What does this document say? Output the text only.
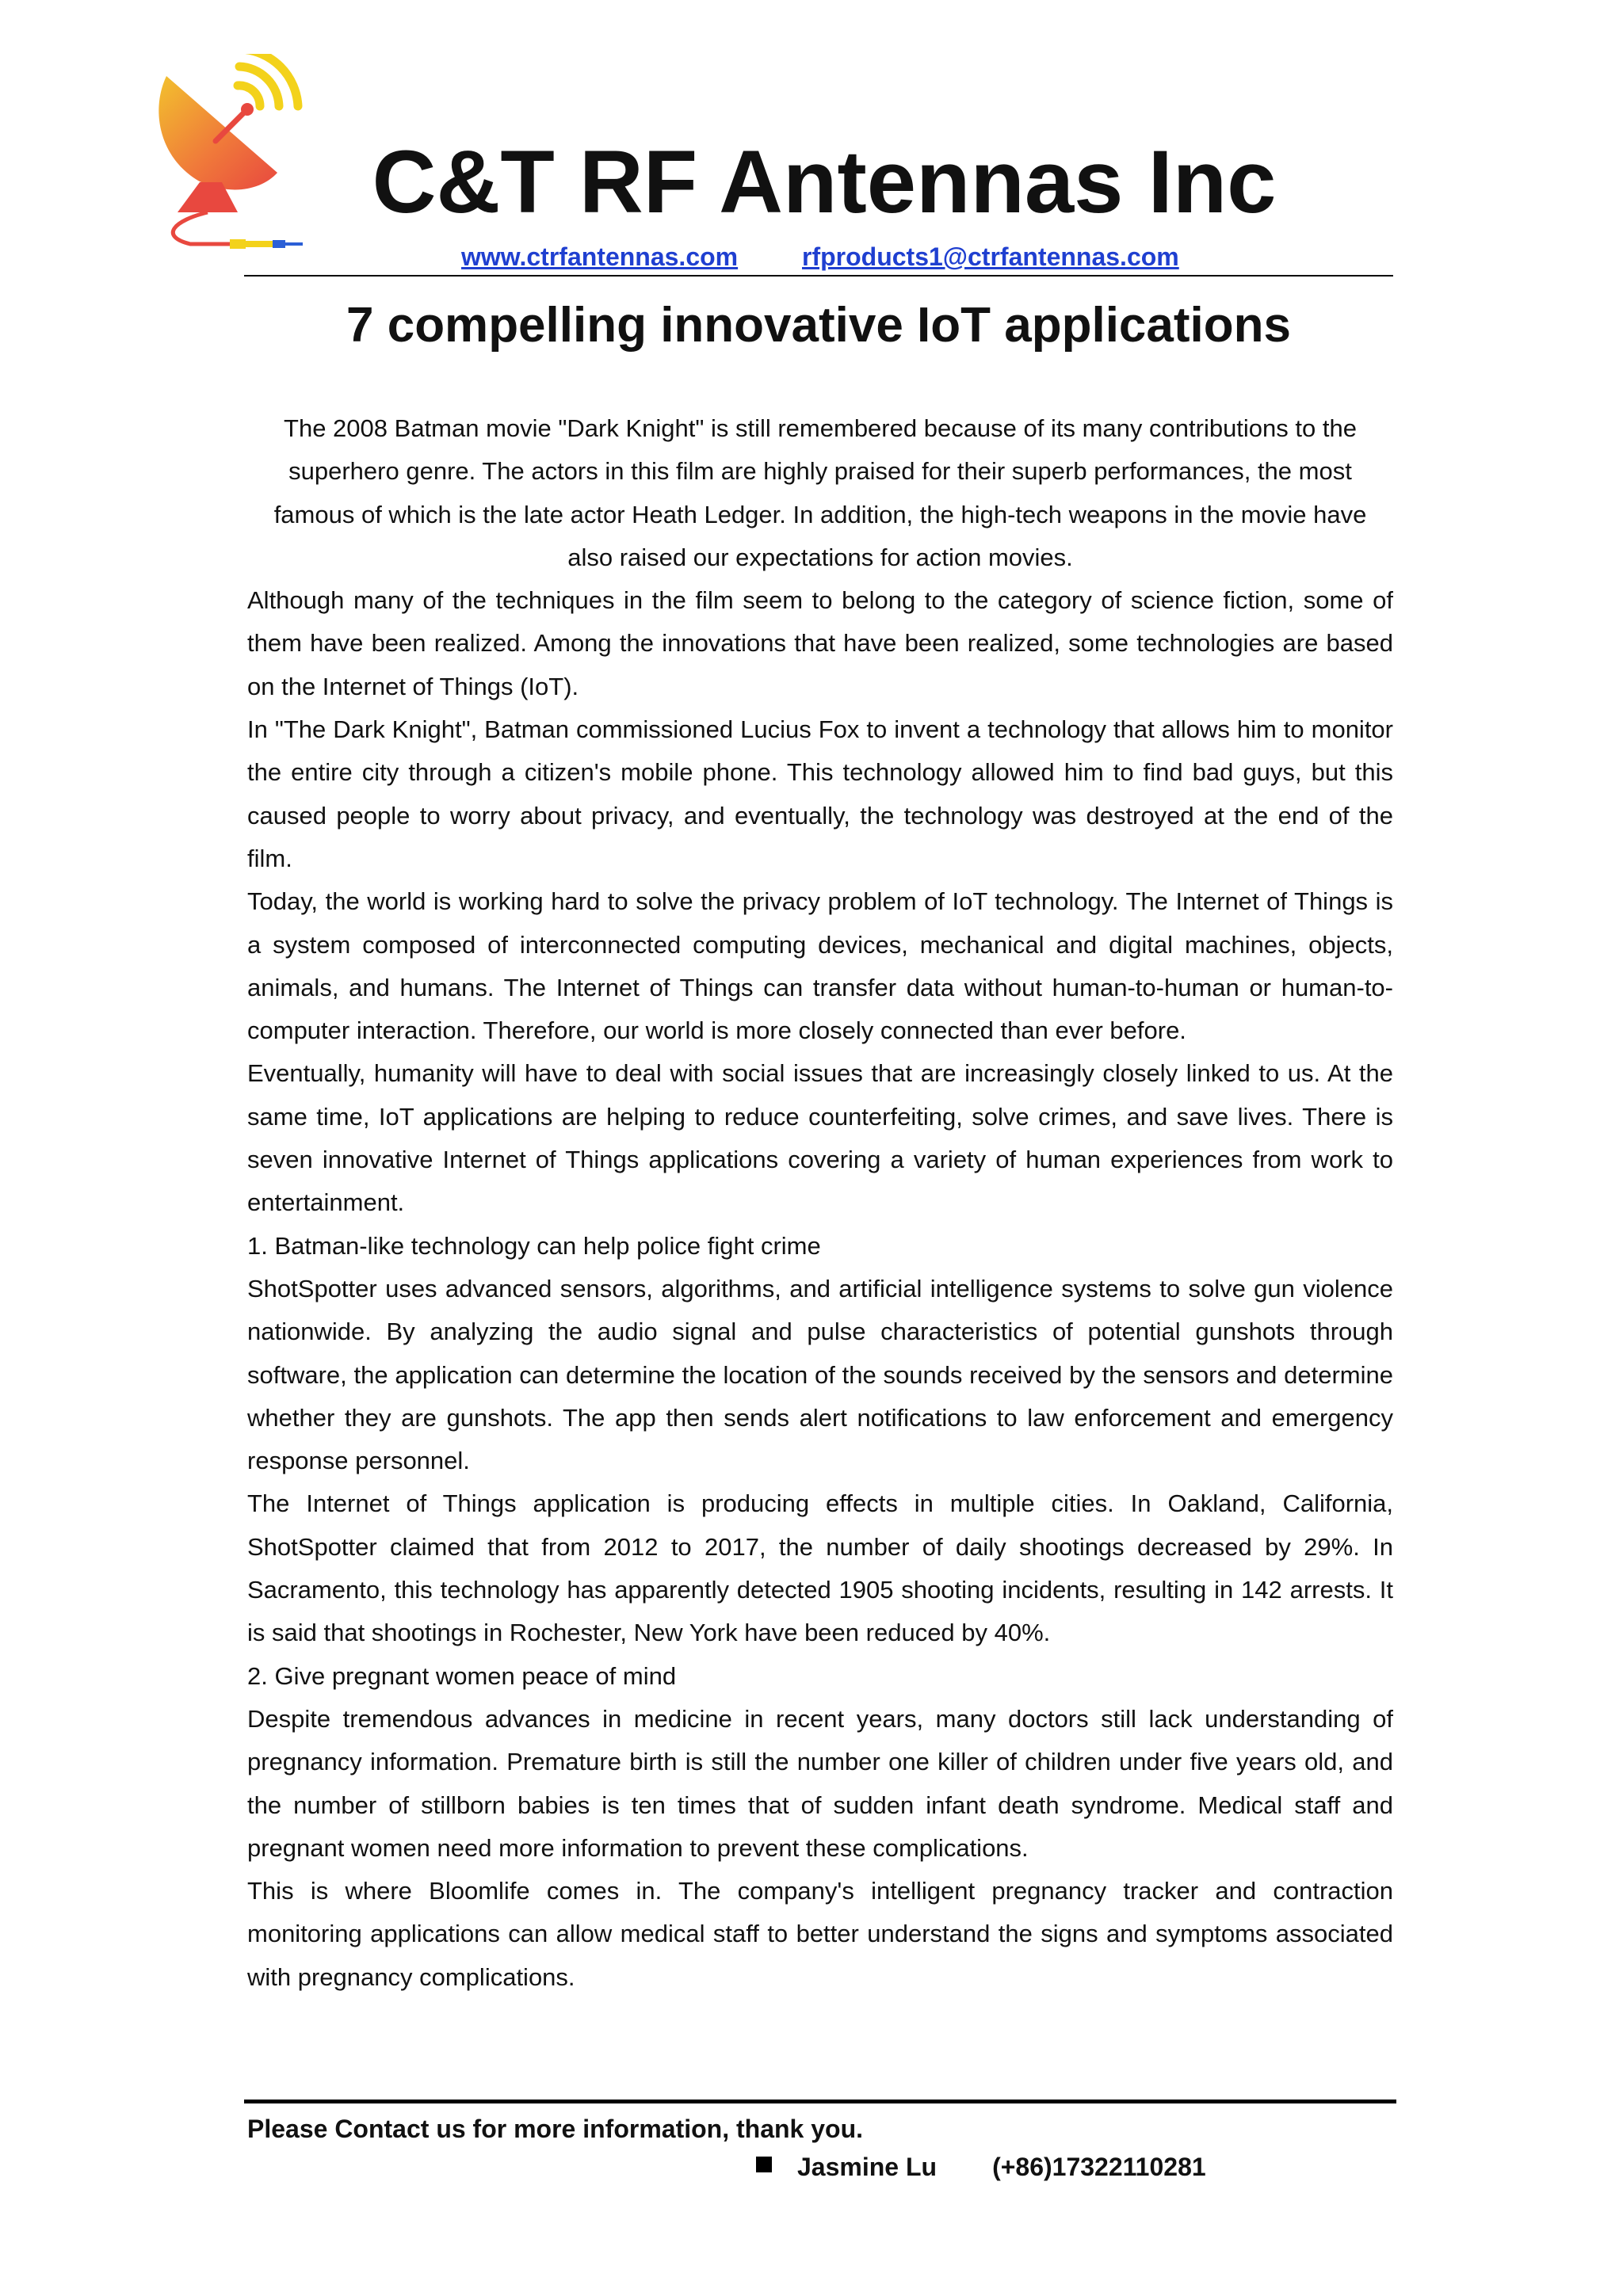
C&T RF Antennas Inc
www.ctrfantennas.com	rfproducts1@ctrfantennas.com
7 compelling innovative IoT applications

The 2008 Batman movie "Dark Knight" is still remembered because of its many contributions to the superhero genre. The actors in this film are highly praised for their superb performances, the most famous of which is the late actor Heath Ledger. In addition, the high-tech weapons in the movie have also raised our expectations for action movies.

Although many of the techniques in the film seem to belong to the category of science fiction, some of them have been realized. Among the innovations that have been realized, some technologies are based on the Internet of Things (IoT).

In "The Dark Knight", Batman commissioned Lucius Fox to invent a technology that allows him to monitor the entire city through a citizen's mobile phone. This technology allowed him to find bad guys, but this caused people to worry about privacy, and eventually, the technology was destroyed at the end of the film.

Today, the world is working hard to solve the privacy problem of IoT technology. The Internet of Things is a system composed of interconnected computing devices, mechanical and digital machines, objects, animals, and humans. The Internet of Things can transfer data without human-to-human or human-to-computer interaction. Therefore, our world is more closely connected than ever before.

Eventually, humanity will have to deal with social issues that are increasingly closely linked to us. At the same time, IoT applications are helping to reduce counterfeiting, solve crimes, and save lives. There is seven innovative Internet of Things applications covering a variety of human experiences from work to entertainment.

1. Batman-like technology can help police fight crime

ShotSpotter uses advanced sensors, algorithms, and artificial intelligence systems to solve gun violence nationwide. By analyzing the audio signal and pulse characteristics of potential gunshots through software, the application can determine the location of the sounds received by the sensors and determine whether they are gunshots. The app then sends alert notifications to law enforcement and emergency response personnel.

The Internet of Things application is producing effects in multiple cities. In Oakland, California, ShotSpotter claimed that from 2012 to 2017, the number of daily shootings decreased by 29%. In Sacramento, this technology has apparently detected 1905 shooting incidents, resulting in 142 arrests. It is said that shootings in Rochester, New York have been reduced by 40%.

2. Give pregnant women peace of mind

Despite tremendous advances in medicine in recent years, many doctors still lack understanding of pregnancy information. Premature birth is still the number one killer of children under five years old, and the number of stillborn babies is ten times that of sudden infant death syndrome. Medical staff and pregnant women need more information to prevent these complications.

This is where Bloomlife comes in. The company's intelligent pregnancy tracker and contraction monitoring applications can allow medical staff to better understand the signs and symptoms associated with pregnancy complications.

Please Contact us for more information, thank you.
Jasmine Lu (+86)17322110281
